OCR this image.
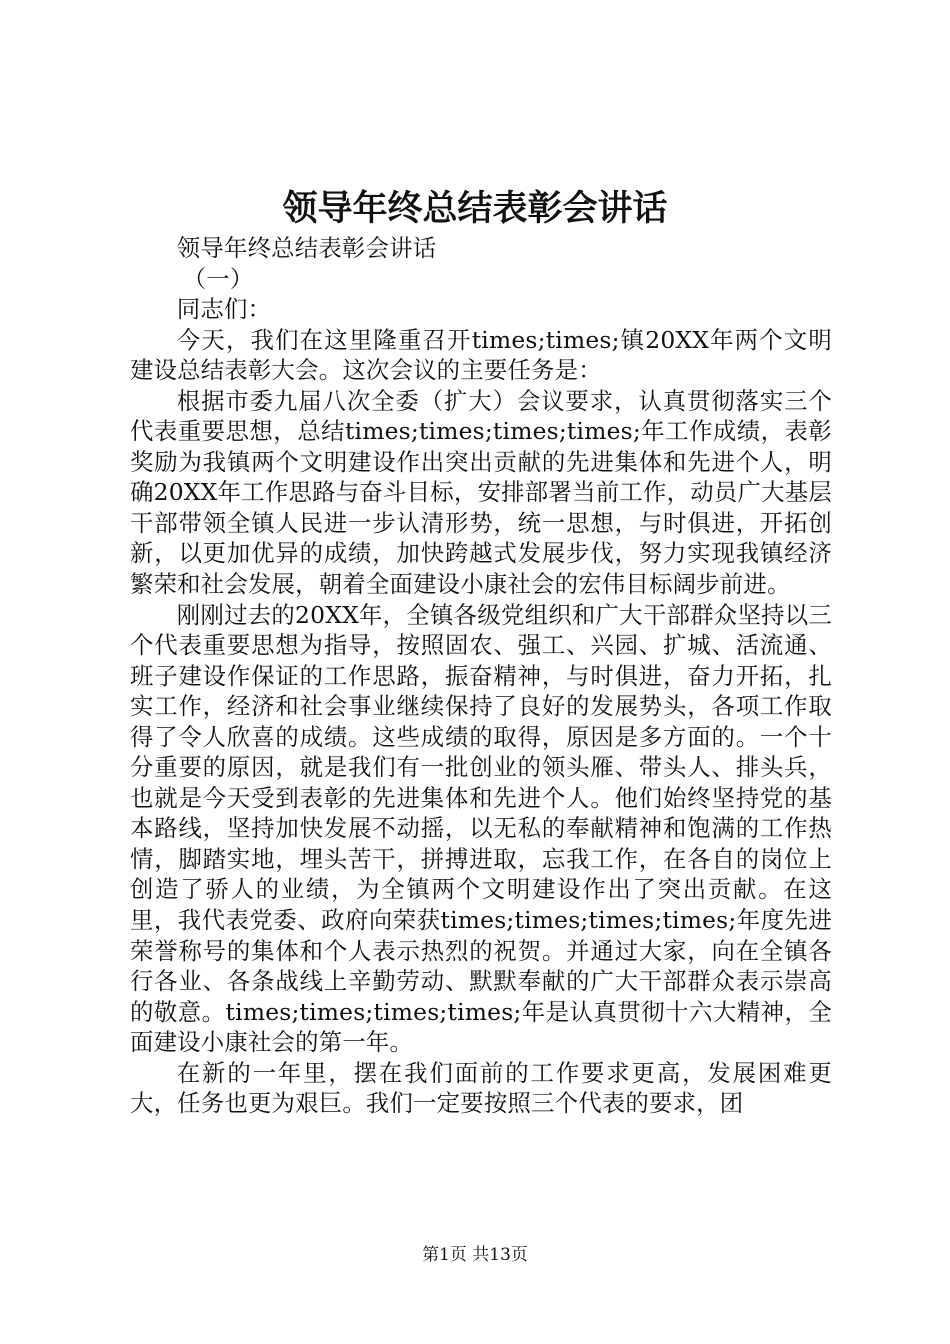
领导年终总结表彰会讲话

领导年终总结表彰会讲话

（一）

同志们：

今天，我们在这里隆重召开times;times;镇20XX年两个文明建设总结表彰大会。这次会议的主要任务是：

根据市委九届八次全委（扩大）会议要求，认真贯彻落实三个代表重要思想，总结times;times;times;times;年工作成绩，表彰奖励为我镇两个文明建设作出突出贡献的先进集体和先进个人，明确20XX年工作思路与奋斗目标，安排部署当前工作，动员广大基层干部带领全镇人民进一步认清形势，统一思想，与时俱进，开拓创新，以更加优异的成绩，加快跨越式发展步伐，努力实现我镇经济繁荣和社会发展，朝着全面建设小康社会的宏伟目标阔步前进。

刚刚过去的20XX年，全镇各级党组织和广大干部群众坚持以三个代表重要思想为指导，按照固农、强工、兴园、扩城、活流通、班子建设作保证的工作思路，振奋精神，与时俱进，奋力开拓，扎实工作，经济和社会事业继续保持了良好的发展势头，各项工作取得了令人欣喜的成绩。这些成绩的取得，原因是多方面的。一个十分重要的原因，就是我们有一批创业的领头雁、带头人、排头兵，也就是今天受到表彰的先进集体和先进个人。他们始终坚持党的基本路线，坚持加快发展不动摇，以无私的奉献精神和饱满的工作热情，脚踏实地，埋头苦干，拼搏进取，忘我工作，在各自的岗位上创造了骄人的业绩，为全镇两个文明建设作出了突出贡献。在这里，我代表党委、政府向荣获times;times;times;times;年度先进荣誉称号的集体和个人表示热烈的祝贺。并通过大家，向在全镇各行各业、各条战线上辛勤劳动、默默奉献的广大干部群众表示崇高的敬意。times;times;times;times;年是认真贯彻十六大精神，全面建设小康社会的第一年。

在新的一年里，摆在我们面前的工作要求更高，发展困难更大，任务也更为艰巨。我们一定要按照三个代表的要求，团

第1页 共13页
